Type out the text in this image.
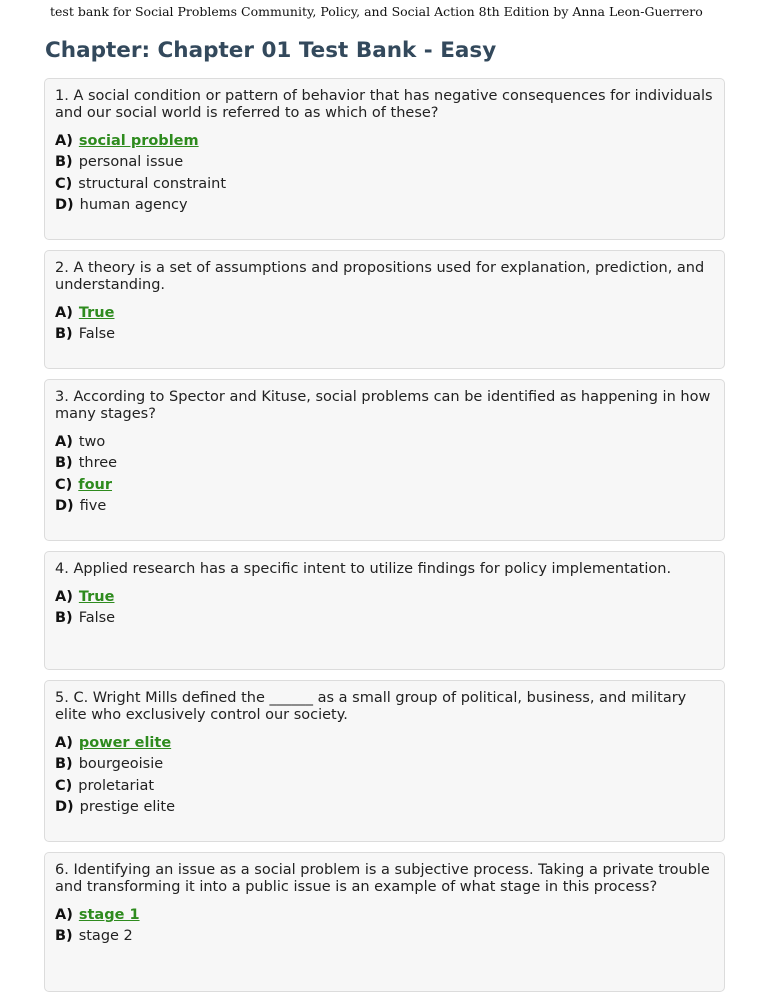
test bank for Social Problems Community, Policy, and Social Action 8th Edition by Anna Leon-Guerrero
Chapter: Chapter 01 Test Bank - Easy

1. A social condition or pattern of behavior that has negative consequences for individuals and our social world is referred to as which of these?

A) social problem
B) personal issue
C) structural constraint
D) human agency

2. A theory is a set of assumptions and propositions used for explanation, prediction, and understanding.

A) True
B) False

3. According to Spector and Kituse, social problems can be identified as happening in how many stages?

A) two
B) three
C) four
D) five

4. Applied research has a specific intent to utilize findings for policy implementation.

A) True
B) False

5. C. Wright Mills defined the ______ as a small group of political, business, and military elite who exclusively control our society.

A) power elite
B) bourgeoisie
C) proletariat
D) prestige elite

6. Identifying an issue as a social problem is a subjective process. Taking a private trouble and transforming it into a public issue is an example of what stage in this process?

A) stage 1
B) stage 2
